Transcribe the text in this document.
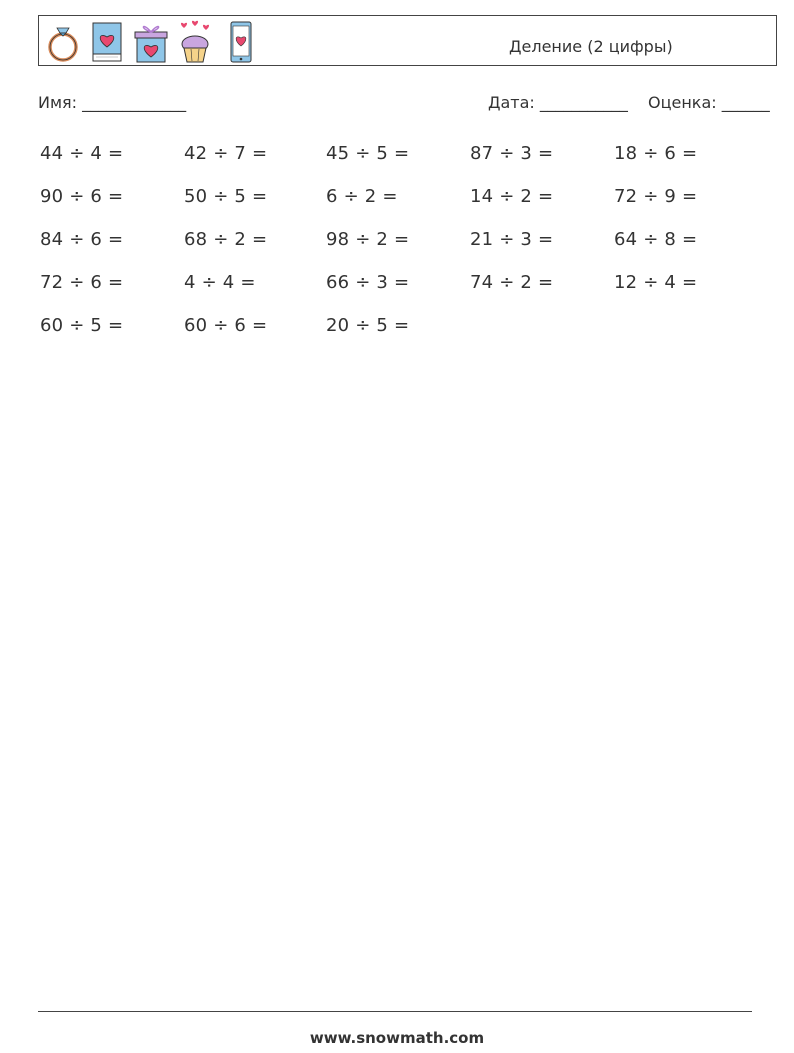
Деление (2 цифры)
Имя: _____________	Дата: ___________ Оценка: ______
44 ÷ 4 =	42 ÷ 7 =	45 ÷ 5 =	87 ÷ 3 =	18 ÷ 6 =
90 ÷ 6 =	50 ÷ 5 =	6 ÷ 2 =	14 ÷ 2 =	72 ÷ 9 =
84 ÷ 6 =	68 ÷ 2 =	98 ÷ 2 =	21 ÷ 3 =	64 ÷ 8 =
72 ÷ 6 =	4 ÷ 4 =	66 ÷ 3 =	74 ÷ 2 =	12 ÷ 4 =
60 ÷ 5 =	60 ÷ 6 =	20 ÷ 5 =
www.snowmath.com
